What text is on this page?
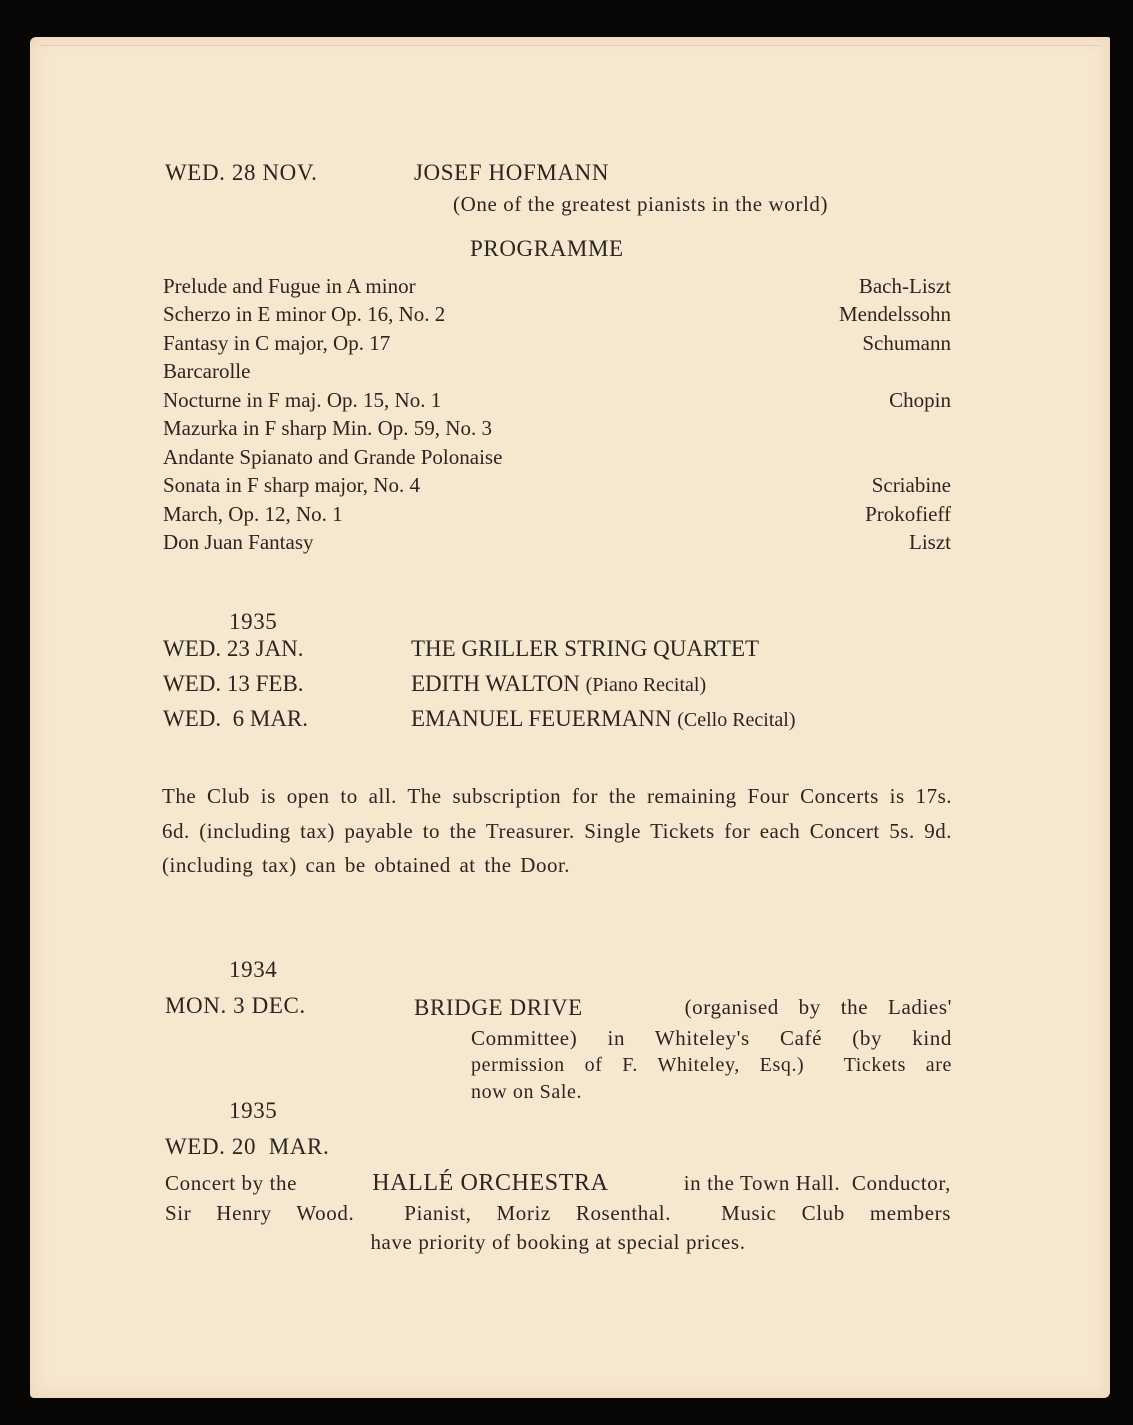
WED. 28 NOV.	JOSEF HOFMANN
(One of the greatest pianists in the world)
PROGRAMME
Prelude and Fugue in A minor	Bach-Liszt
Scherzo in E minor Op. 16, No. 2	Mendelssohn
Fantasy in C major, Op. 17	Schumann
Barcarolle
Nocturne in F maj. Op. 15, No. 1	Chopin
Mazurka in F sharp Min. Op. 59, No. 3
Andante Spianato and Grande Polonaise
Sonata in F sharp major, No. 4	Scriabine
March, Op. 12, No. 1	Prokofieff
Don Juan Fantasy	Liszt
1935
WED. 23 JAN.	THE GRILLER STRING QUARTET
WED. 13 FEB.	EDITH WALTON (Piano Recital)
WED.  6 MAR.	EMANUEL FEUERMANN (Cello Recital)
The Club is open to all. The subscription for the remaining Four Concerts is 17s. 6d. (including tax) payable to the Treasurer. Single Tickets for each Concert 5s. 9d. (including tax) can be obtained at the Door.
1934
MON. 3 DEC.	BRIDGE DRIVE	(organised by the Ladies'
Committee) in Whiteley's Café (by kind
permission of F. Whiteley, Esq.)  Tickets are
now on Sale.
1935
WED. 20  MAR.
Concert by the	HALLÉ ORCHESTRA	in the Town Hall.  Conductor,
Sir Henry Wood.  Pianist, Moriz Rosenthal.  Music Club members
have priority of booking at special prices.
